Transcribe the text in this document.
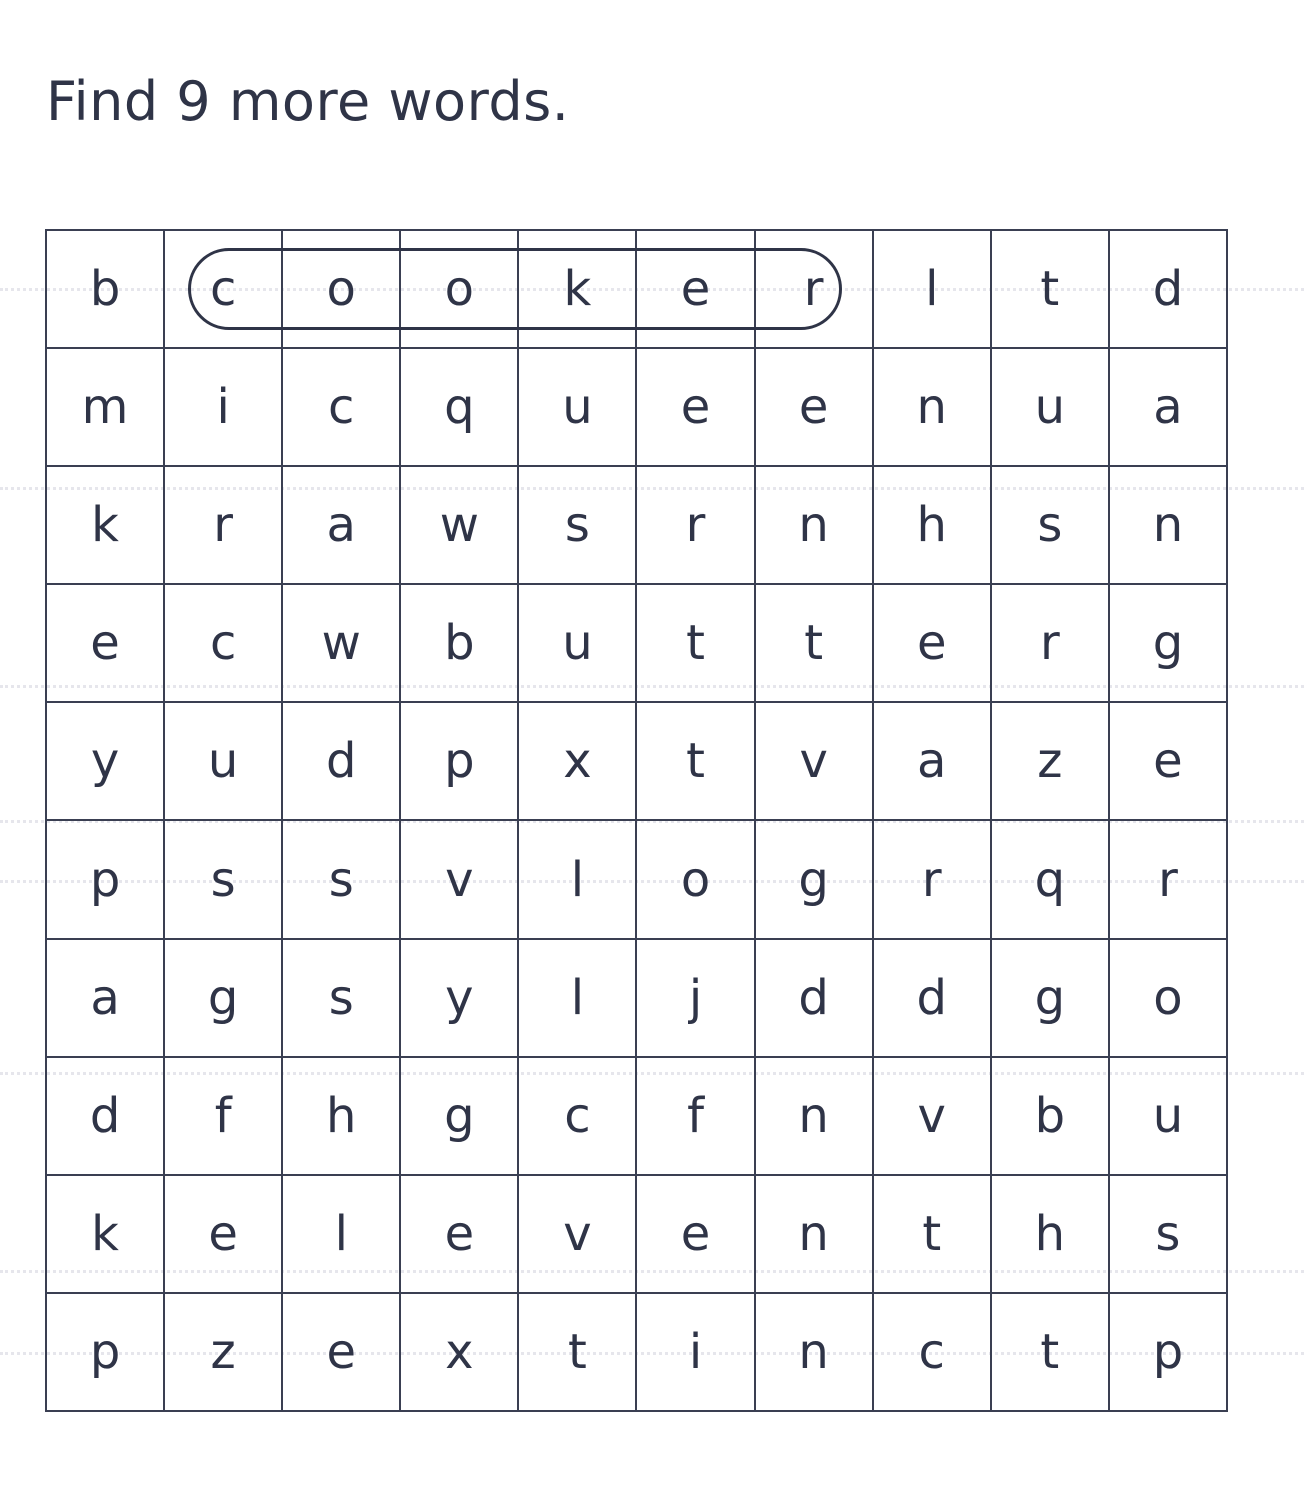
Find 9 more words.
b	c	o	o	k	e	r	l	t	d
m	i	c	q	u	e	e	n	u	a
k	r	a	w	s	r	n	h	s	n
e	c	w	b	u	t	t	e	r	g
y	u	d	p	x	t	v	a	z	e
p	s	s	v	l	o	g	r	q	r
a	g	s	y	l	j	d	d	g	o
d	f	h	g	c	f	n	v	b	u
k	e	l	e	v	e	n	t	h	s
p	z	e	x	t	i	n	c	t	p
